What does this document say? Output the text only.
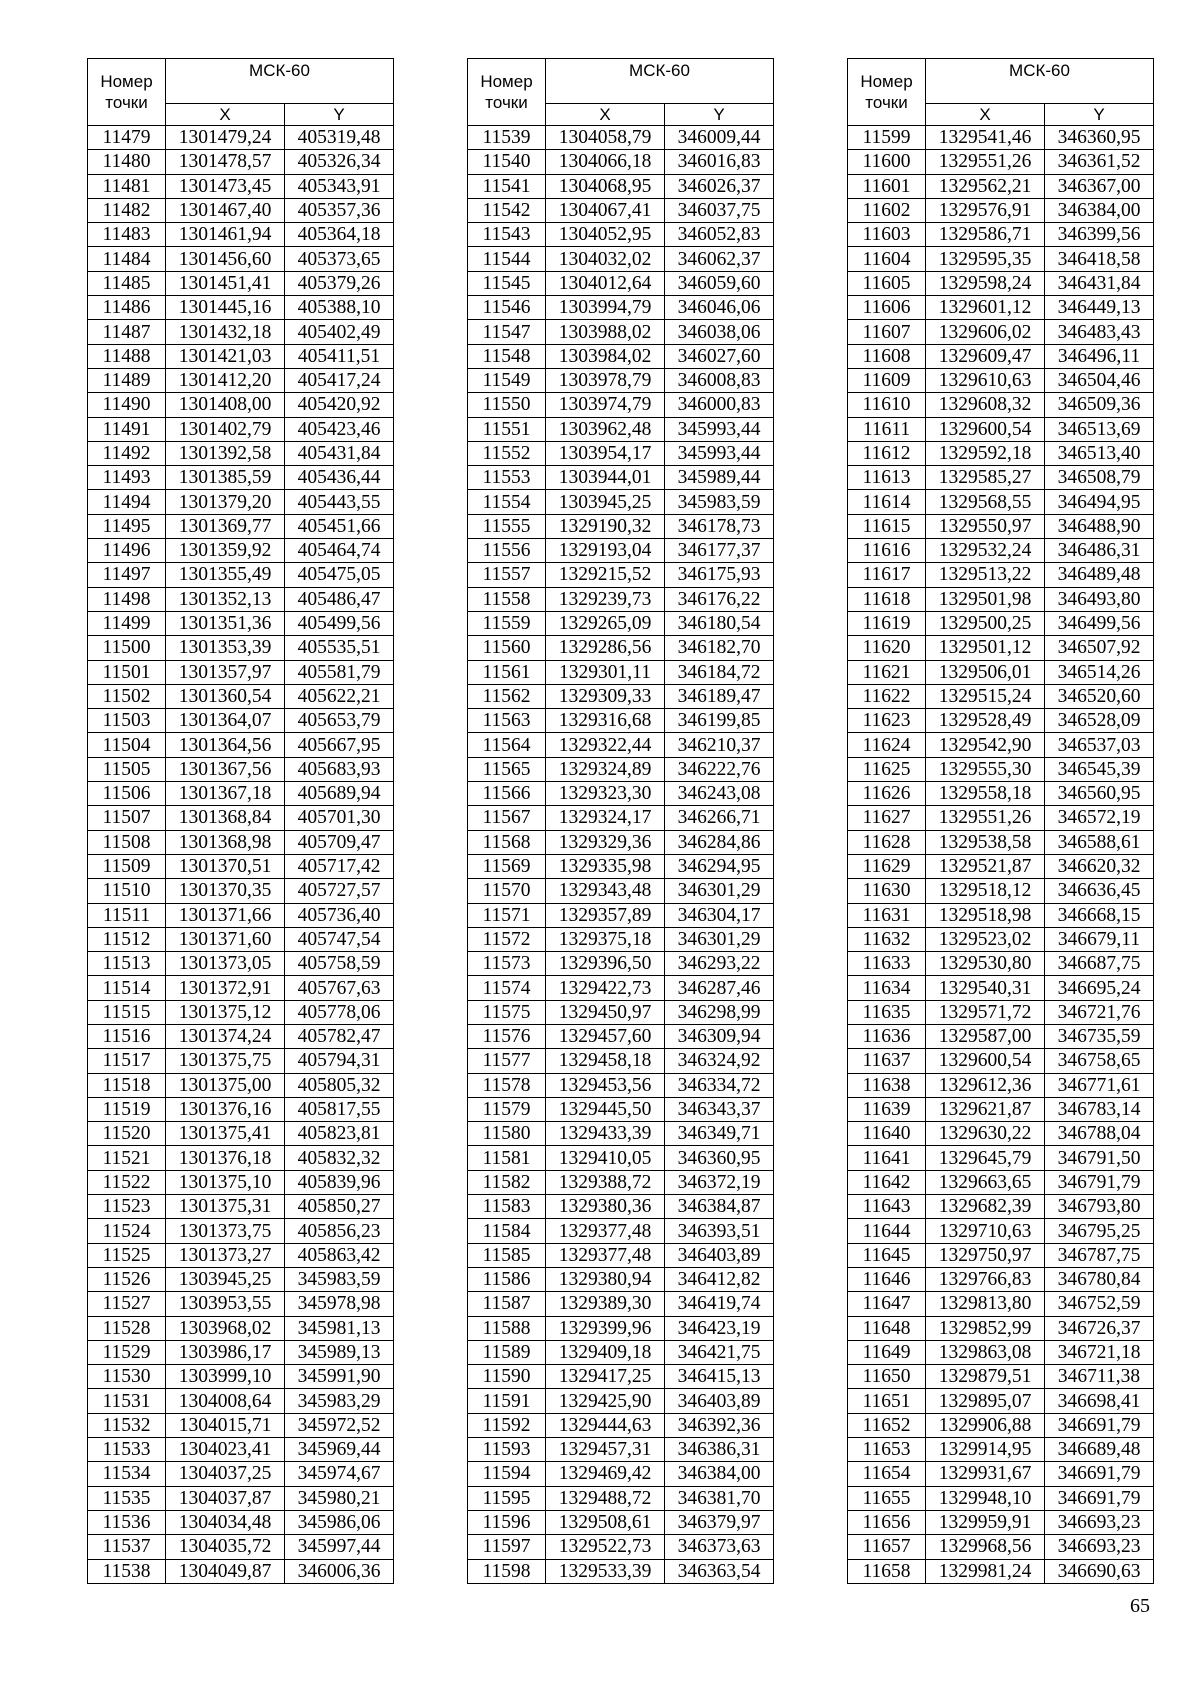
Номер
точки	МСК-60	
	X	Y
11479	1301479,24	405319,48
11480	1301478,57	405326,34
11481	1301473,45	405343,91
11482	1301467,40	405357,36
11483	1301461,94	405364,18
11484	1301456,60	405373,65
11485	1301451,41	405379,26
11486	1301445,16	405388,10
11487	1301432,18	405402,49
11488	1301421,03	405411,51
11489	1301412,20	405417,24
11490	1301408,00	405420,92
11491	1301402,79	405423,46
11492	1301392,58	405431,84
11493	1301385,59	405436,44
11494	1301379,20	405443,55
11495	1301369,77	405451,66
11496	1301359,92	405464,74
11497	1301355,49	405475,05
11498	1301352,13	405486,47
11499	1301351,36	405499,56
11500	1301353,39	405535,51
11501	1301357,97	405581,79
11502	1301360,54	405622,21
11503	1301364,07	405653,79
11504	1301364,56	405667,95
11505	1301367,56	405683,93
11506	1301367,18	405689,94
11507	1301368,84	405701,30
11508	1301368,98	405709,47
11509	1301370,51	405717,42
11510	1301370,35	405727,57
11511	1301371,66	405736,40
11512	1301371,60	405747,54
11513	1301373,05	405758,59
11514	1301372,91	405767,63
11515	1301375,12	405778,06
11516	1301374,24	405782,47
11517	1301375,75	405794,31
11518	1301375,00	405805,32
11519	1301376,16	405817,55
11520	1301375,41	405823,81
11521	1301376,18	405832,32
11522	1301375,10	405839,96
11523	1301375,31	405850,27
11524	1301373,75	405856,23
11525	1301373,27	405863,42
11526	1303945,25	345983,59
11527	1303953,55	345978,98
11528	1303968,02	345981,13
11529	1303986,17	345989,13
11530	1303999,10	345991,90
11531	1304008,64	345983,29
11532	1304015,71	345972,52
11533	1304023,41	345969,44
11534	1304037,25	345974,67
11535	1304037,87	345980,21
11536	1304034,48	345986,06
11537	1304035,72	345997,44
11538	1304049,87	346006,36
Номер
точки	МСК-60	
	X	Y
11539	1304058,79	346009,44
11540	1304066,18	346016,83
11541	1304068,95	346026,37
11542	1304067,41	346037,75
11543	1304052,95	346052,83
11544	1304032,02	346062,37
11545	1304012,64	346059,60
11546	1303994,79	346046,06
11547	1303988,02	346038,06
11548	1303984,02	346027,60
11549	1303978,79	346008,83
11550	1303974,79	346000,83
11551	1303962,48	345993,44
11552	1303954,17	345993,44
11553	1303944,01	345989,44
11554	1303945,25	345983,59
11555	1329190,32	346178,73
11556	1329193,04	346177,37
11557	1329215,52	346175,93
11558	1329239,73	346176,22
11559	1329265,09	346180,54
11560	1329286,56	346182,70
11561	1329301,11	346184,72
11562	1329309,33	346189,47
11563	1329316,68	346199,85
11564	1329322,44	346210,37
11565	1329324,89	346222,76
11566	1329323,30	346243,08
11567	1329324,17	346266,71
11568	1329329,36	346284,86
11569	1329335,98	346294,95
11570	1329343,48	346301,29
11571	1329357,89	346304,17
11572	1329375,18	346301,29
11573	1329396,50	346293,22
11574	1329422,73	346287,46
11575	1329450,97	346298,99
11576	1329457,60	346309,94
11577	1329458,18	346324,92
11578	1329453,56	346334,72
11579	1329445,50	346343,37
11580	1329433,39	346349,71
11581	1329410,05	346360,95
11582	1329388,72	346372,19
11583	1329380,36	346384,87
11584	1329377,48	346393,51
11585	1329377,48	346403,89
11586	1329380,94	346412,82
11587	1329389,30	346419,74
11588	1329399,96	346423,19
11589	1329409,18	346421,75
11590	1329417,25	346415,13
11591	1329425,90	346403,89
11592	1329444,63	346392,36
11593	1329457,31	346386,31
11594	1329469,42	346384,00
11595	1329488,72	346381,70
11596	1329508,61	346379,97
11597	1329522,73	346373,63
11598	1329533,39	346363,54
Номер
точки	МСК-60	
	X	Y
11599	1329541,46	346360,95
11600	1329551,26	346361,52
11601	1329562,21	346367,00
11602	1329576,91	346384,00
11603	1329586,71	346399,56
11604	1329595,35	346418,58
11605	1329598,24	346431,84
11606	1329601,12	346449,13
11607	1329606,02	346483,43
11608	1329609,47	346496,11
11609	1329610,63	346504,46
11610	1329608,32	346509,36
11611	1329600,54	346513,69
11612	1329592,18	346513,40
11613	1329585,27	346508,79
11614	1329568,55	346494,95
11615	1329550,97	346488,90
11616	1329532,24	346486,31
11617	1329513,22	346489,48
11618	1329501,98	346493,80
11619	1329500,25	346499,56
11620	1329501,12	346507,92
11621	1329506,01	346514,26
11622	1329515,24	346520,60
11623	1329528,49	346528,09
11624	1329542,90	346537,03
11625	1329555,30	346545,39
11626	1329558,18	346560,95
11627	1329551,26	346572,19
11628	1329538,58	346588,61
11629	1329521,87	346620,32
11630	1329518,12	346636,45
11631	1329518,98	346668,15
11632	1329523,02	346679,11
11633	1329530,80	346687,75
11634	1329540,31	346695,24
11635	1329571,72	346721,76
11636	1329587,00	346735,59
11637	1329600,54	346758,65
11638	1329612,36	346771,61
11639	1329621,87	346783,14
11640	1329630,22	346788,04
11641	1329645,79	346791,50
11642	1329663,65	346791,79
11643	1329682,39	346793,80
11644	1329710,63	346795,25
11645	1329750,97	346787,75
11646	1329766,83	346780,84
11647	1329813,80	346752,59
11648	1329852,99	346726,37
11649	1329863,08	346721,18
11650	1329879,51	346711,38
11651	1329895,07	346698,41
11652	1329906,88	346691,79
11653	1329914,95	346689,48
11654	1329931,67	346691,79
11655	1329948,10	346691,79
11656	1329959,91	346693,23
11657	1329968,56	346693,23
11658	1329981,24	346690,63
65
